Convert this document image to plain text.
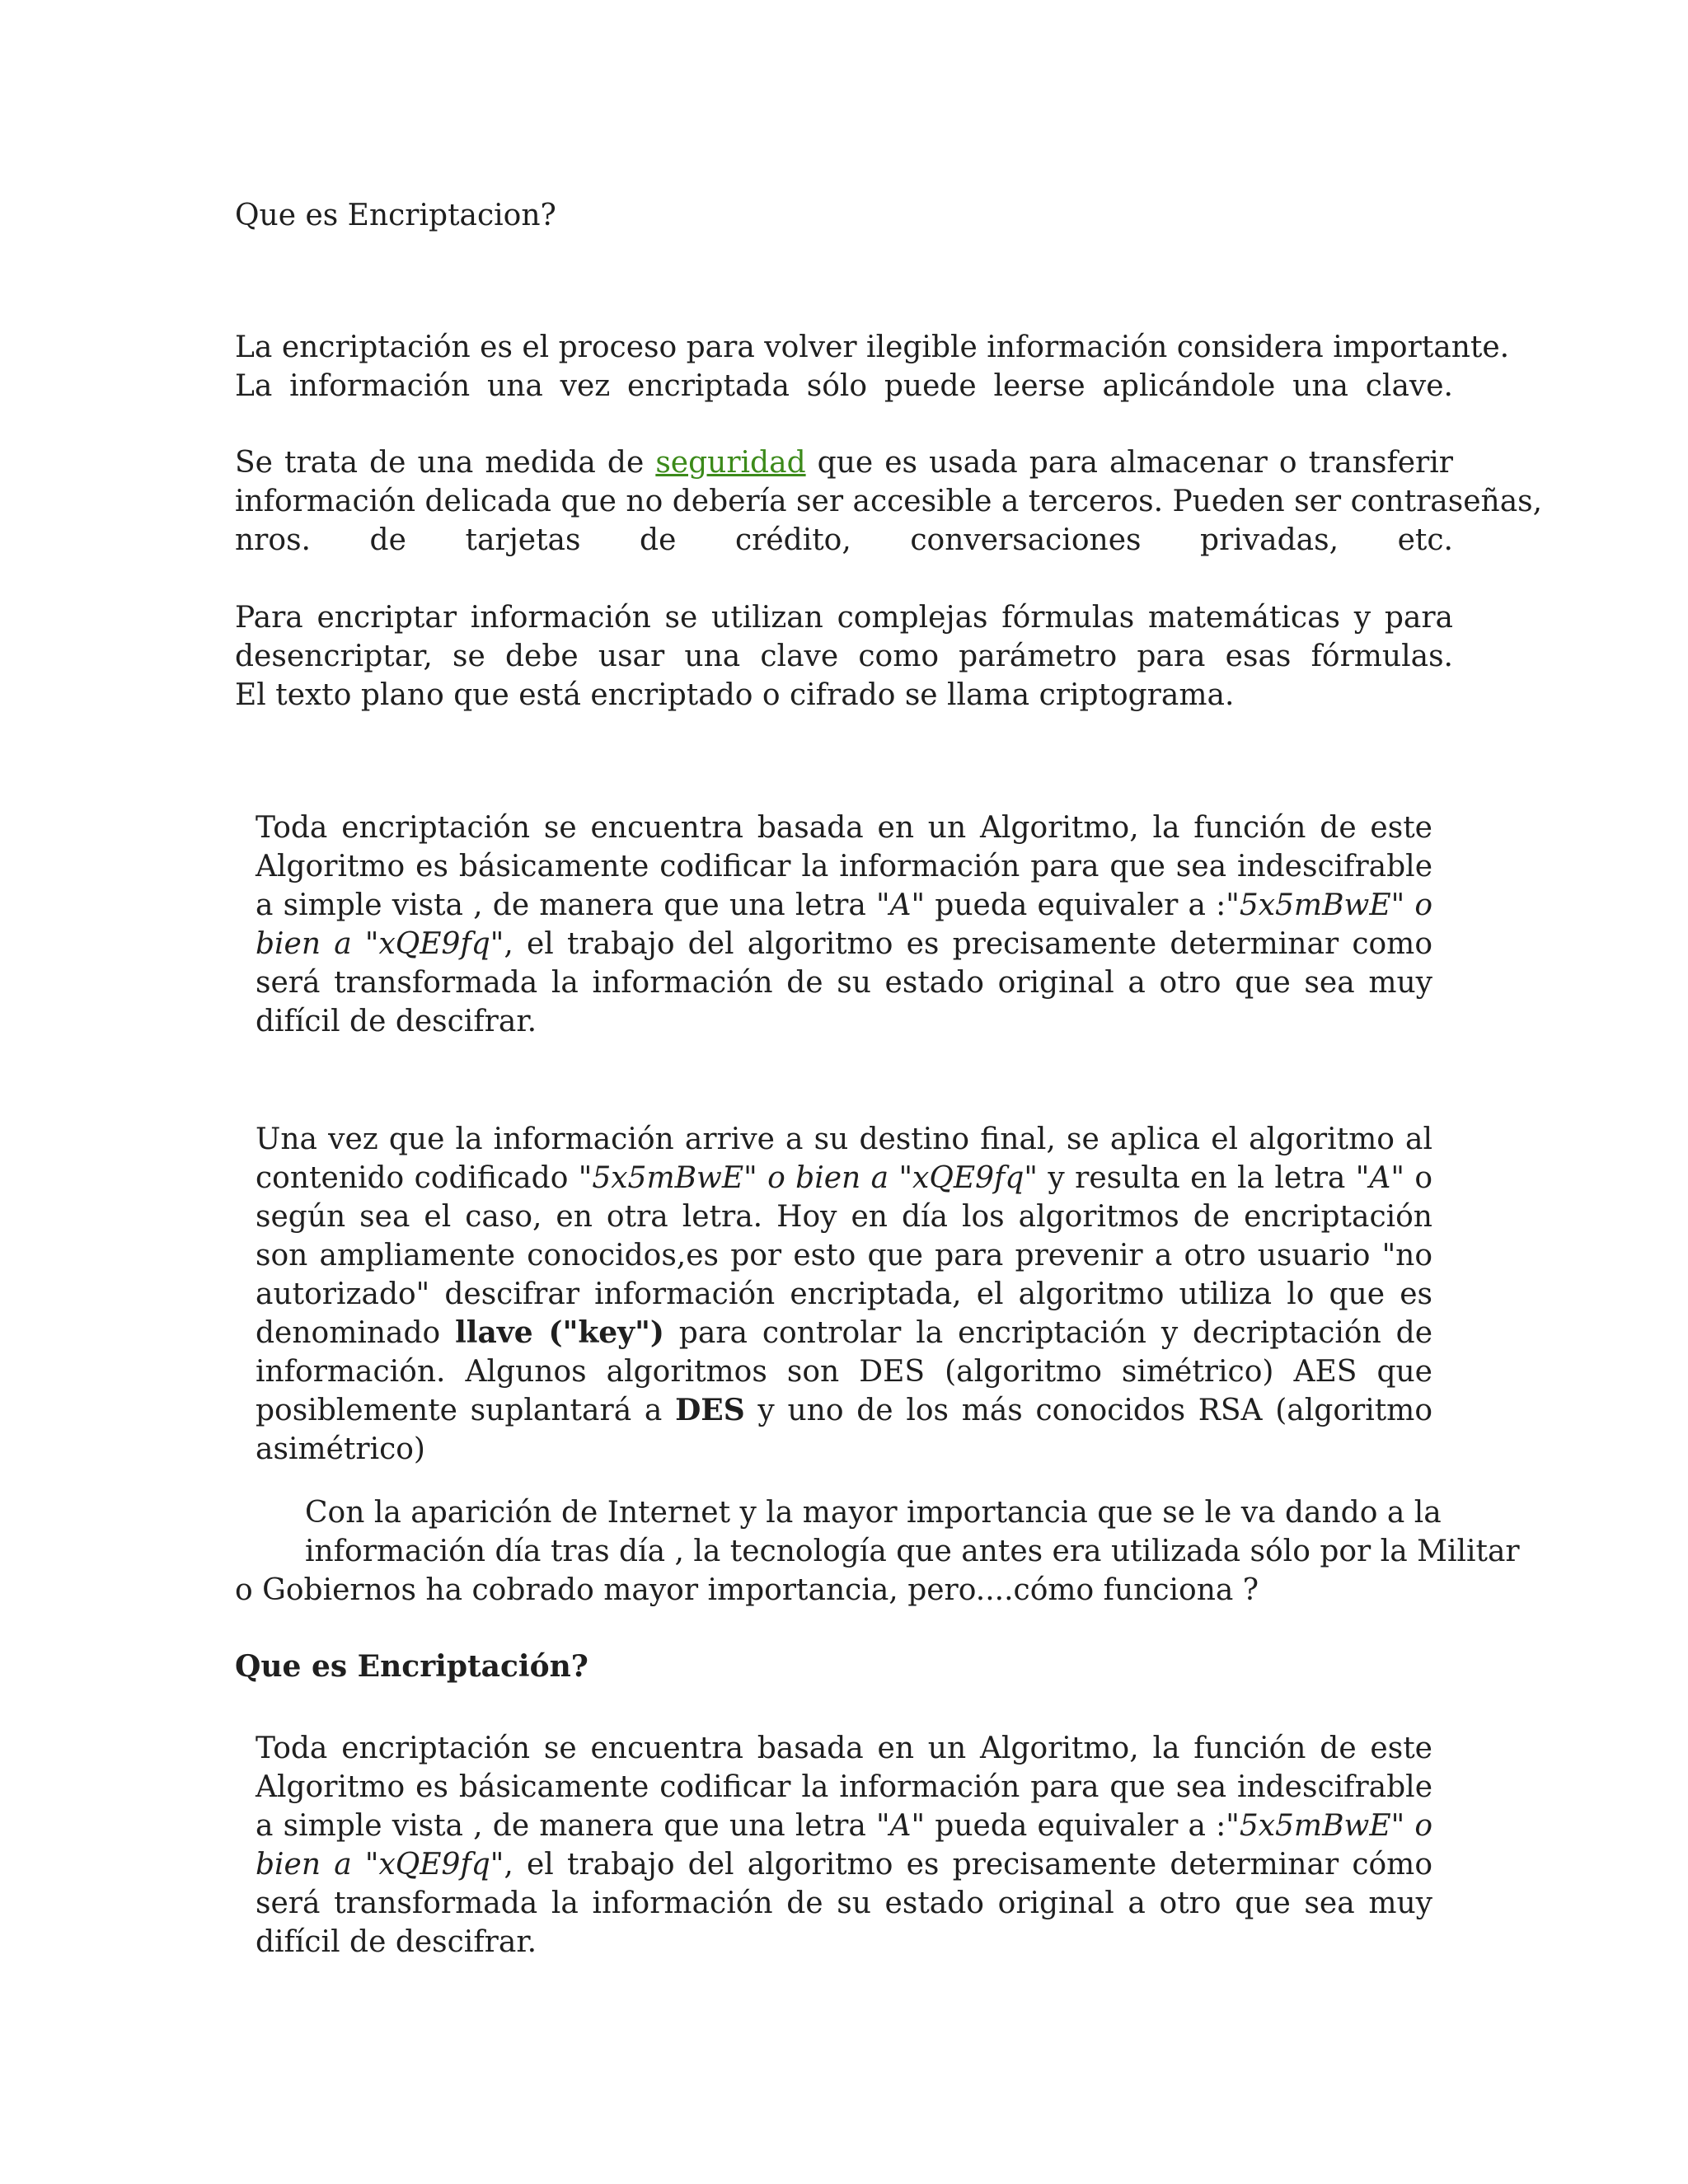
Que es Encriptacion?

La encriptación es el proceso para volver ilegible información considera importante.
La información una vez encriptada sólo puede leerse aplicándole una clave.

Se trata de una medida de seguridad que es usada para almacenar o transferir
información delicada que no debería ser accesible a terceros. Pueden ser contraseñas,
nros. de tarjetas de crédito, conversaciones privadas, etc.

Para encriptar información se utilizan complejas fórmulas matemáticas y para
desencriptar, se debe usar una clave como parámetro para esas fórmulas.
El texto plano que está encriptado o cifrado se llama criptograma.

Toda encriptación se encuentra basada en un Algoritmo, la función de este Algoritmo es básicamente codificar la información para que sea indescifrable a simple vista , de manera que una letra "A" pueda equivaler a :"5x5mBwE" o bien a "xQE9fq", el trabajo del algoritmo es precisamente determinar como será transformada la información de su estado original a otro que sea muy difícil de descifrar.

Una vez que la información arrive a su destino final, se aplica el algoritmo al contenido codificado "5x5mBwE" o bien a "xQE9fq" y resulta en la letra "A" o según sea el caso, en otra letra. Hoy en día los algoritmos de encriptación son ampliamente conocidos,es por esto que para prevenir a otro usuario "no autorizado" descifrar información encriptada, el algoritmo utiliza lo que es denominado llave ("key") para controlar la encriptación y decriptación de información. Algunos algoritmos son DES (algoritmo simétrico) AES que posiblemente suplantará a DES y uno de los más conocidos RSA (algoritmo asimétrico)

Con la aparición de Internet y la mayor importancia que se le va dando a la
información día tras día , la tecnología que antes era utilizada sólo por la Militar
o Gobiernos ha cobrado mayor importancia, pero....cómo funciona ?

Que es Encriptación?

Toda encriptación se encuentra basada en un Algoritmo, la función de este Algoritmo es básicamente codificar la información para que sea indescifrable a simple vista , de manera que una letra "A" pueda equivaler a :"5x5mBwE" o bien a "xQE9fq", el trabajo del algoritmo es precisamente determinar cómo será transformada la información de su estado original a otro que sea muy difícil de descifrar.
